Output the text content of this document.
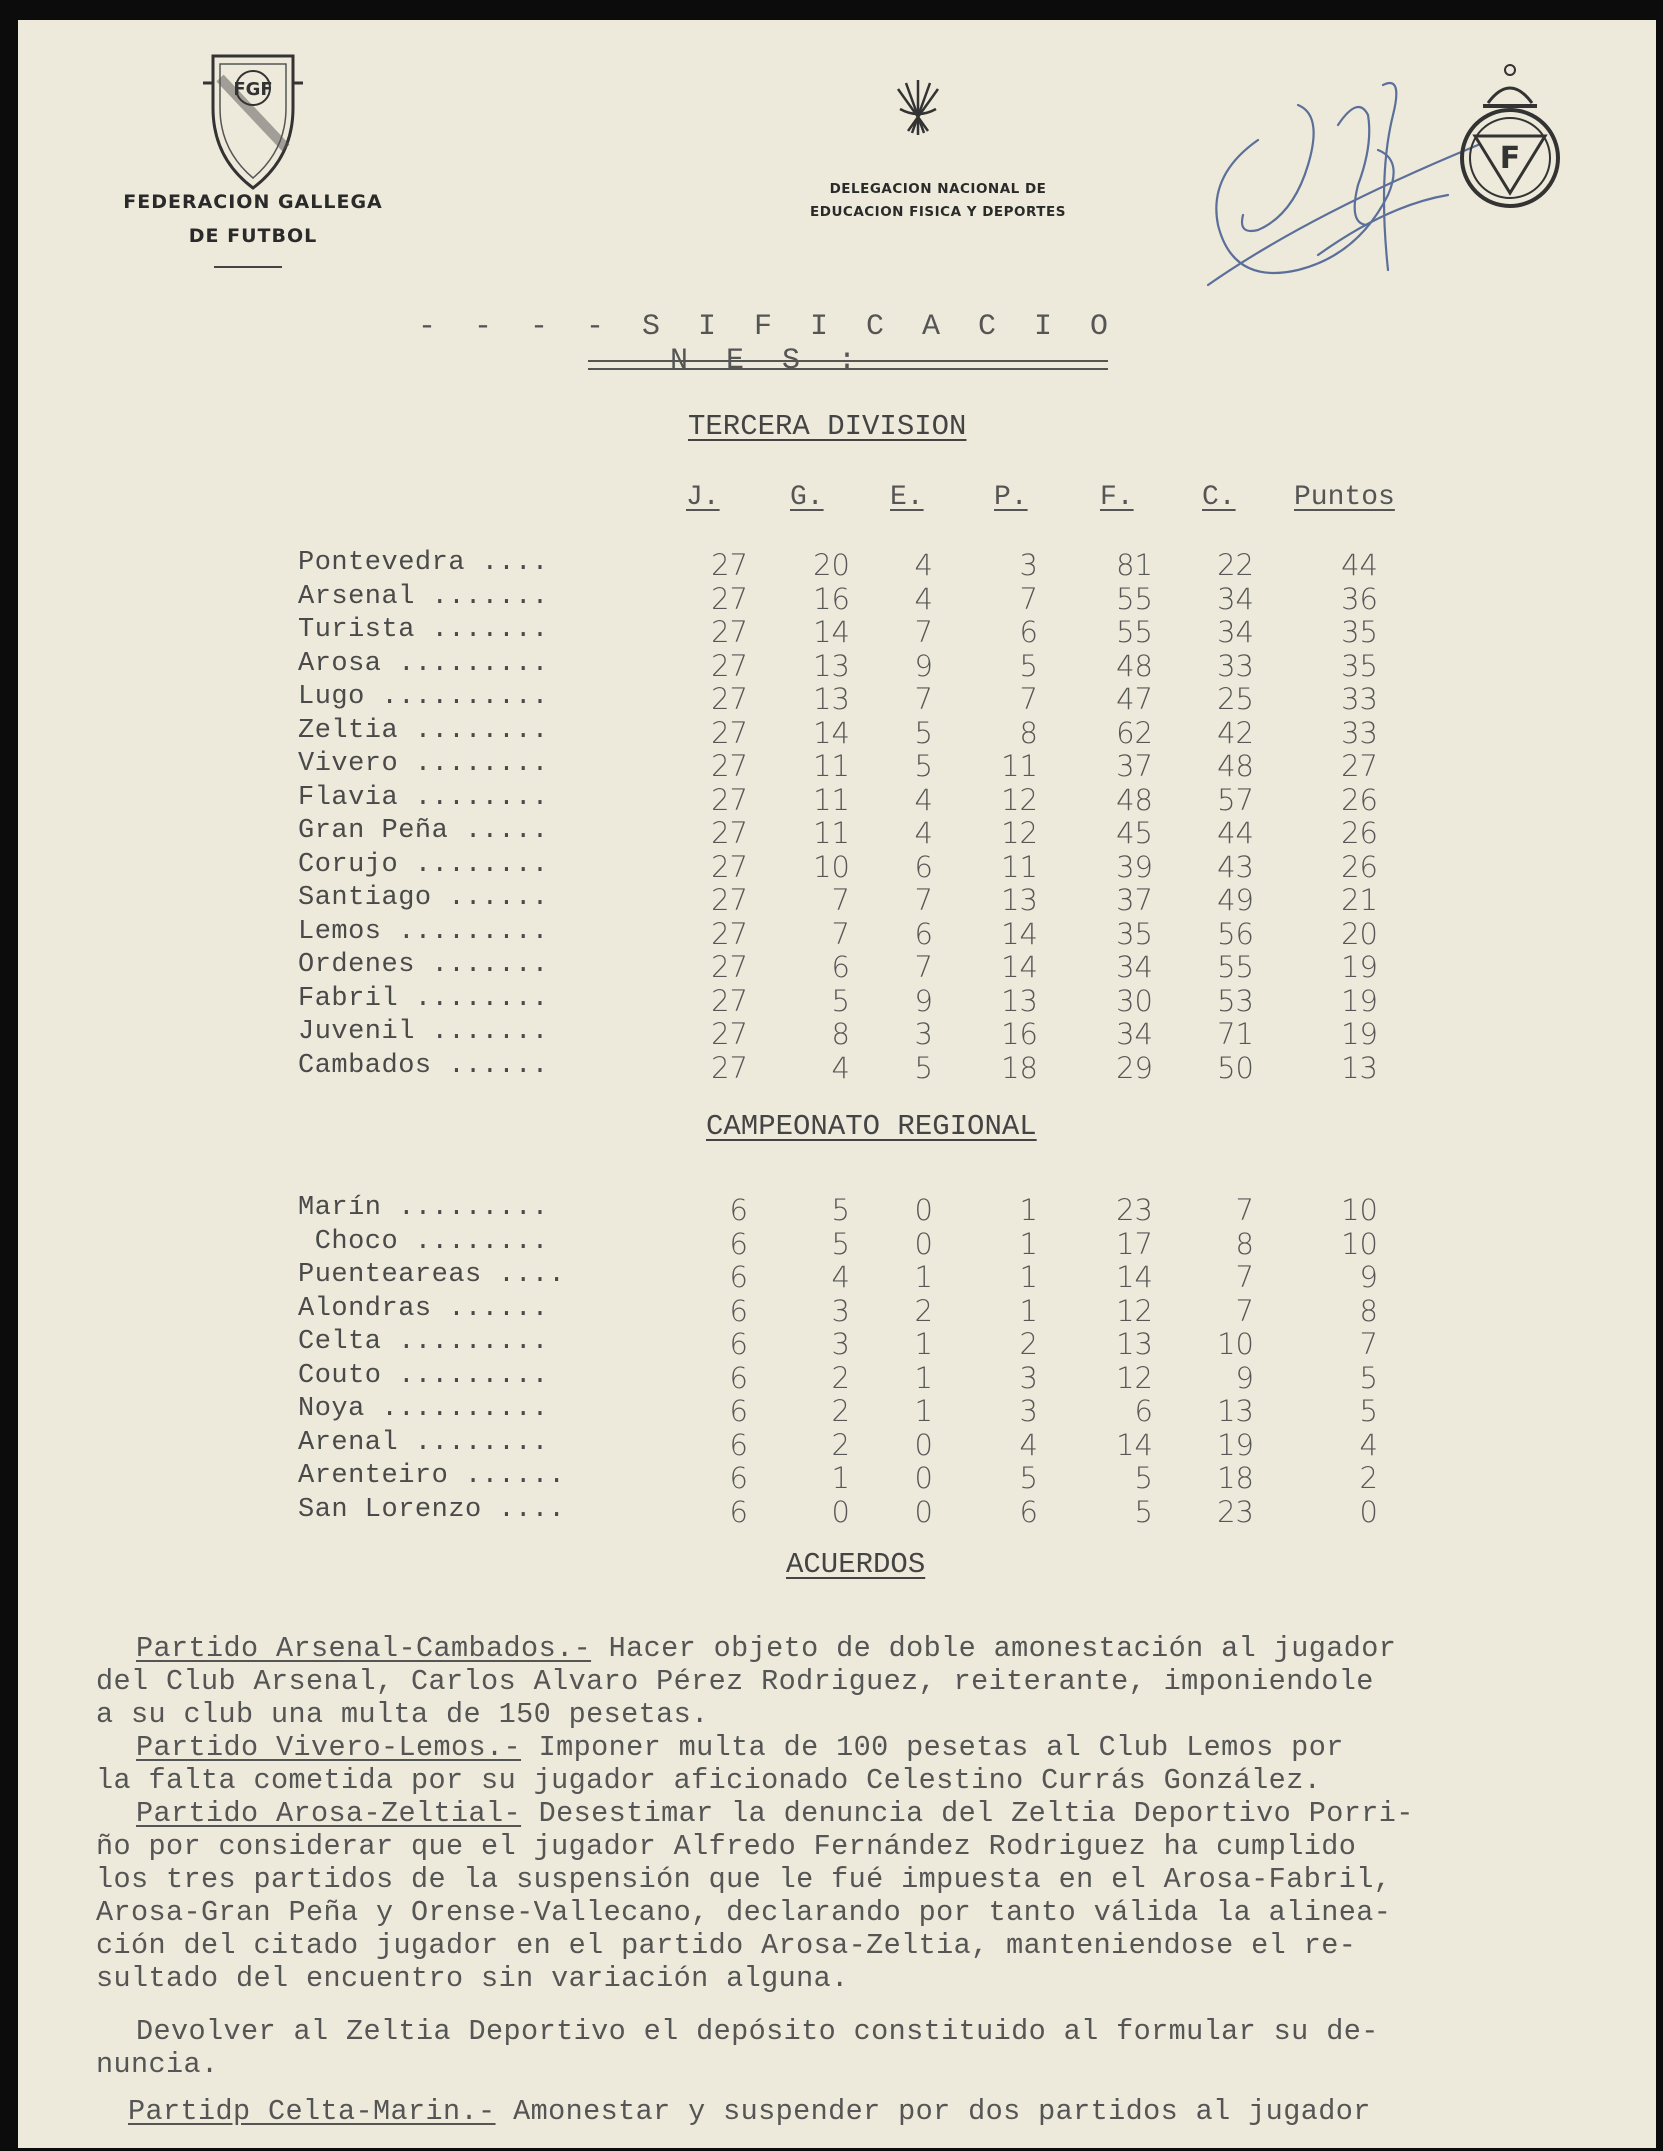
FGF
FEDERACION GALLEGA
DE FUTBOL
DELEGACION NACIONAL DE
EDUCACION FISICA Y DEPORTES
F
- - - - S I F I C A C I O N E S :
TERCERA DIVISION
J.	G. E.	P.	F. C. Puntos
Pontevedra ....	27	20	4	3	81	22	44
Arsenal .......	27	16	4	7	55	34	36
Turista .......	27	14	7	6	55	34	35
Arosa .........	27	13	9	5	48	33	35
Lugo ..........	27	13	7	7	47	25	33
Zeltia ........	27	14	5	8	62	42	33
Vivero ........	27	11	5	11	37	48	27
Flavia ........	27	11	4	12	48	57	26
Gran Peña .....	27	11	4	12	45	44	26
Corujo ........	27	10	6	11	39	43	26
Santiago ......	27	7	7	13	37	49	21
Lemos .........	27	7	6	14	35	56	20
Ordenes .......	27	6	7	14	34	55	19
Fabril ........	27	5	9	13	30	53	19
Juvenil .......	27	8	3	16	34	71	19
Cambados ......	27	4	5	18	29	50	13
CAMPEONATO REGIONAL
Marín .........	6	5	0	1	23	7	10
Choco ........	6	5	0	1	17	8	10
Puenteareas ....	6	4	1	1	14	7	9
Alondras ......	6	3	2	1	12	7	8
Celta .........	6	3	1	2	13	10	7
Couto .........	6	2	1	3	12	9	5
Noya ..........	6	2	1	3	6	13	5
Arenal ........	6	2	0	4	14	19	4
Arenteiro ......	6	1	0	5	5	18	2
San Lorenzo ....	6	0	0	6	5	23	0
ACUERDOS
Partido Arsenal-Cambados.- Hacer objeto de doble amonestación al jugador
del Club Arsenal, Carlos Alvaro Pérez Rodriguez, reiterante, imponiendole
a su club una multa de 150 pesetas.
Partido Vivero-Lemos.- Imponer multa de 100 pesetas al Club Lemos por
la falta cometida por su jugador aficionado Celestino Currás González.
Partido Arosa-Zeltial- Desestimar la denuncia del Zeltia Deportivo Porri-
ño por considerar que el jugador Alfredo Fernández Rodriguez ha cumplido
los tres partidos de la suspensión que le fué impuesta en el Arosa-Fabril,
Arosa-Gran Peña y Orense-Vallecano, declarando por tanto válida la alinea-
ción del citado jugador en el partido Arosa-Zeltia, manteniendose el re-
sultado del encuentro sin variación alguna.
Devolver al Zeltia Deportivo el depósito constituido al formular su de-
nuncia.
Partidp Celta-Marin.- Amonestar y suspender por dos partidos al jugador
